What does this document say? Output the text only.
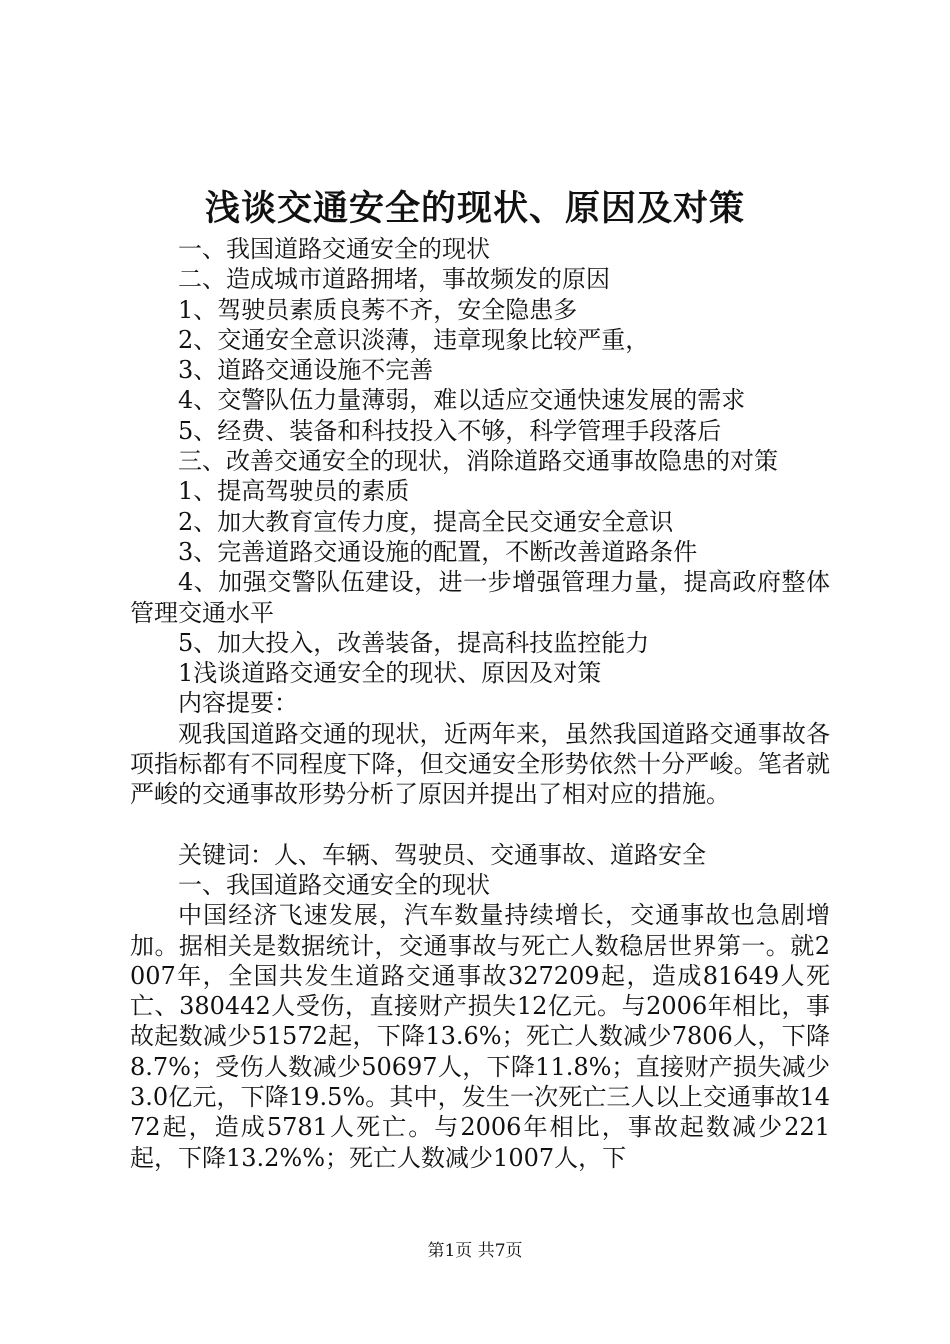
浅谈交通安全的现状、原因及对策

一、我国道路交通安全的现状

二、造成城市道路拥堵，事故频发的原因

1、驾驶员素质良莠不齐，安全隐患多

2、交通安全意识淡薄，违章现象比较严重，

3、道路交通设施不完善

4、交警队伍力量薄弱，难以适应交通快速发展的需求

5、经费、装备和科技投入不够，科学管理手段落后

三、改善交通安全的现状，消除道路交通事故隐患的对策

1、提高驾驶员的素质

2、加大教育宣传力度，提高全民交通安全意识

3、完善道路交通设施的配置，不断改善道路条件

4、加强交警队伍建设，进一步增强管理力量，提高政府整体管理交通水平

5、加大投入，改善装备，提高科技监控能力

1浅谈道路交通安全的现状、原因及对策

内容提要：

观我国道路交通的现状，近两年来，虽然我国道路交通事故各项指标都有不同程度下降，但交通安全形势依然十分严峻。笔者就严峻的交通事故形势分析了原因并提出了相对应的措施。

关键词：人、车辆、驾驶员、交通事故、道路安全

一、我国道路交通安全的现状

中国经济飞速发展，汽车数量持续增长，交通事故也急剧增加。据相关是数据统计，交通事故与死亡人数稳居世界第一。就2007年，全国共发生道路交通事故327209起，造成81649人死亡、380442人受伤，直接财产损失12亿元。与2006年相比，事故起数减少51572起，下降13.6%；死亡人数减少7806人，下降8.7%；受伤人数减少50697人，下降11.8%；直接财产损失减少3.0亿元，下降19.5%。其中，发生一次死亡三人以上交通事故1472起，造成5781人死亡。与2006年相比，事故起数减少221起，下降13.2%%；死亡人数减少1007人，下

第1页 共7页
